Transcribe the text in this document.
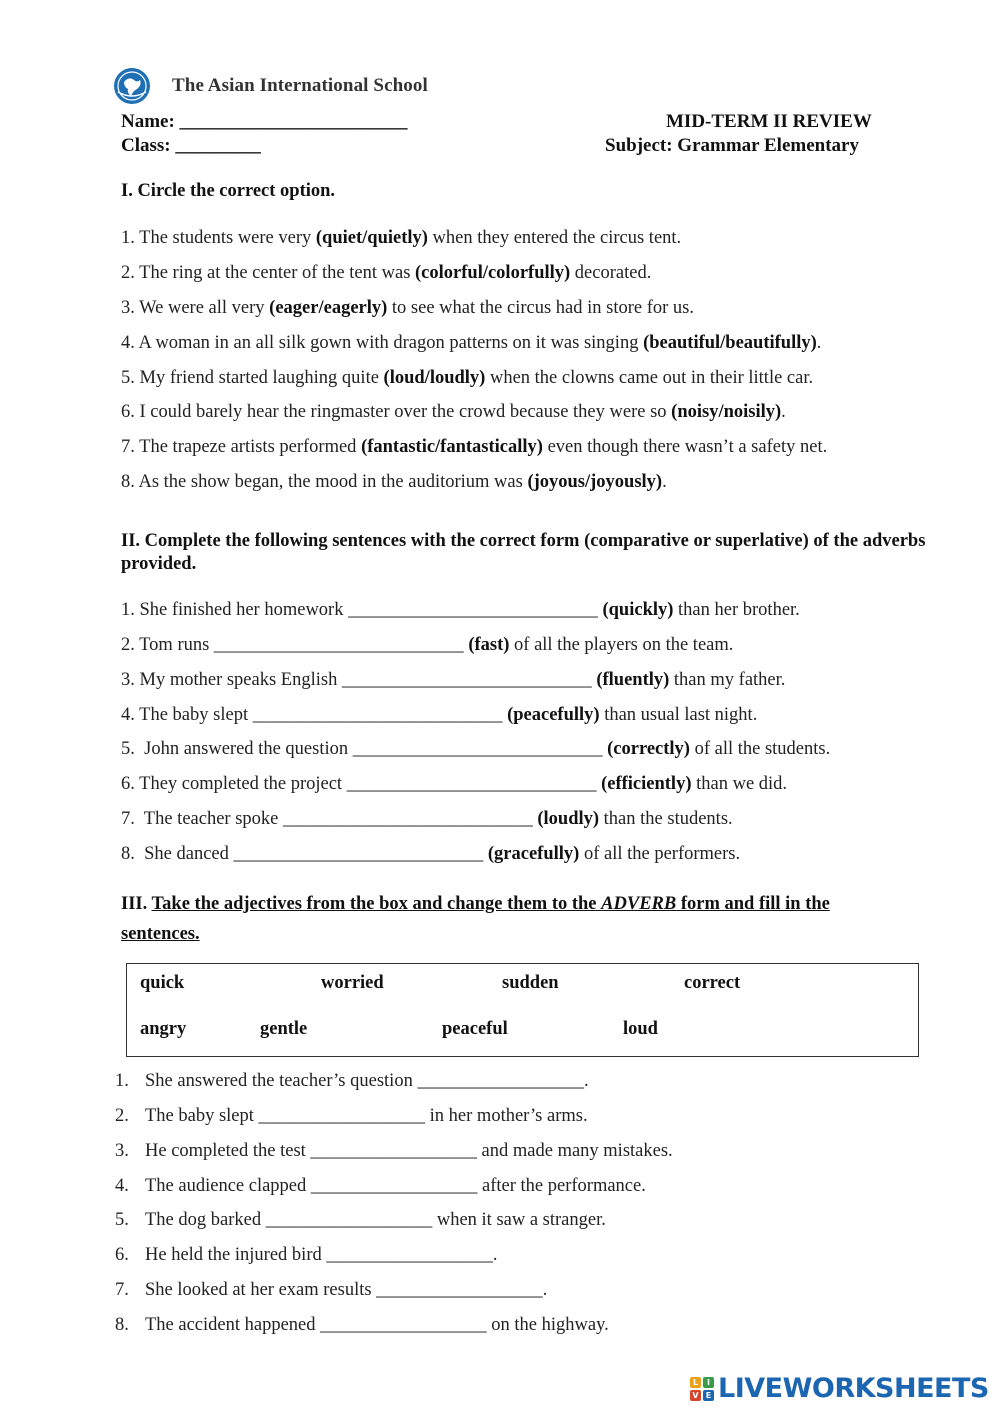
The Asian International School
Name: ________________________
Class: _________
MID-TERM II REVIEW
Subject: Grammar Elementary
I. Circle the correct option.
1. The students were very (quiet/quietly) when they entered the circus tent.
2. The ring at the center of the tent was (colorful/colorfully) decorated.
3. We were all very (eager/eagerly) to see what the circus had in store for us.
4. A woman in an all silk gown with dragon patterns on it was singing (beautiful/beautifully).
5. My friend started laughing quite (loud/loudly) when the clowns came out in their little car.
6. I could barely hear the ringmaster over the crowd because they were so (noisy/noisily).
7. The trapeze artists performed (fantastic/fantastically) even though there wasn’t a safety net.
8. As the show began, the mood in the auditorium was (joyous/joyously).
II. Complete the following sentences with the correct form (comparative or superlative) of the adverbs provided.
1. She finished her homework ___________________________ (quickly) than her brother.
2. Tom runs ___________________________ (fast) of all the players on the team.
3. My mother speaks English ___________________________ (fluently) than my father.
4. The baby slept ___________________________ (peacefully) than usual last night.
5.  John answered the question ___________________________ (correctly) of all the students.
6. They completed the project ___________________________ (efficiently) than we did.
7.  The teacher spoke ___________________________ (loudly) than the students.
8.  She danced ___________________________ (gracefully) of all the performers.
III. Take the adjectives from the box and change them to the ADVERB form and fill in the
sentences.
quick	worried	sudden	correct
angry	gentle	peaceful	loud
1. She answered the teacher’s question __________________.
2. The baby slept __________________ in her mother’s arms.
3. He completed the test __________________ and made many mistakes.
4. The audience clapped __________________ after the performance.
5. The dog barked __________________ when it saw a stranger.
6. He held the injured bird __________________.
7. She looked at her exam results __________________.
8. The accident happened __________________ on the highway.
L	I
V E LIVEWORKSHEETS
